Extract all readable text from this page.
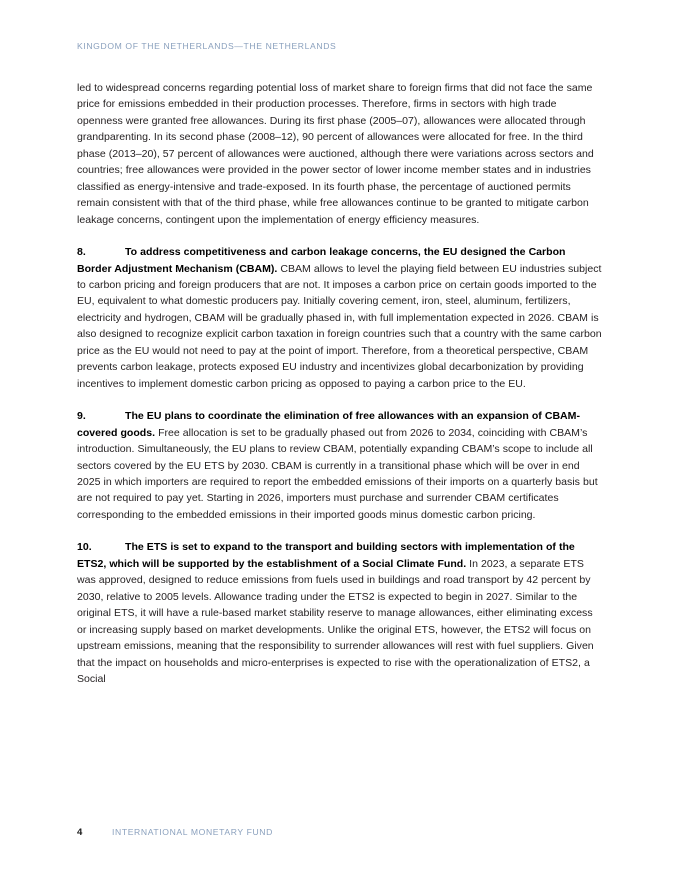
KINGDOM OF THE NETHERLANDS—THE NETHERLANDS

led to widespread concerns regarding potential loss of market share to foreign firms that did not face the same price for emissions embedded in their production processes. Therefore, firms in sectors with high trade openness were granted free allowances. During its first phase (2005–07), allowances were allocated through grandparenting. In its second phase (2008–12), 90 percent of allowances were allocated for free. In the third phase (2013–20), 57 percent of allowances were auctioned, although there were variations across sectors and countries; free allowances were provided in the power sector of lower income member states and in industries classified as energy-intensive and trade-exposed. In its fourth phase, the percentage of auctioned permits remain consistent with that of the third phase, while free allowances continue to be granted to mitigate carbon leakage concerns, contingent upon the implementation of energy efficiency measures.

8.	To address competitiveness and carbon leakage concerns, the EU designed the Carbon Border Adjustment Mechanism (CBAM). CBAM allows to level the playing field between EU industries subject to carbon pricing and foreign producers that are not. It imposes a carbon price on certain goods imported to the EU, equivalent to what domestic producers pay. Initially covering cement, iron, steel, aluminum, fertilizers, electricity and hydrogen, CBAM will be gradually phased in, with full implementation expected in 2026. CBAM is also designed to recognize explicit carbon taxation in foreign countries such that a country with the same carbon price as the EU would not need to pay at the point of import. Therefore, from a theoretical perspective, CBAM prevents carbon leakage, protects exposed EU industry and incentivizes global decarbonization by providing incentives to implement domestic carbon pricing as opposed to paying a carbon price to the EU.

9.	The EU plans to coordinate the elimination of free allowances with an expansion of CBAM-covered goods. Free allocation is set to be gradually phased out from 2026 to 2034, coinciding with CBAM’s introduction. Simultaneously, the EU plans to review CBAM, potentially expanding CBAM’s scope to include all sectors covered by the EU ETS by 2030. CBAM is currently in a transitional phase which will be over in end 2025 in which importers are required to report the embedded emissions of their imports on a quarterly basis but are not required to pay yet. Starting in 2026, importers must purchase and surrender CBAM certificates corresponding to the embedded emissions in their imported goods minus domestic carbon pricing.

10.	The ETS is set to expand to the transport and building sectors with implementation of the ETS2, which will be supported by the establishment of a Social Climate Fund. In 2023, a separate ETS was approved, designed to reduce emissions from fuels used in buildings and road transport by 42 percent by 2030, relative to 2005 levels. Allowance trading under the ETS2 is expected to begin in 2027. Similar to the original ETS, it will have a rule-based market stability reserve to manage allowances, either eliminating excess or increasing supply based on market developments. Unlike the original ETS, however, the ETS2 will focus on upstream emissions, meaning that the responsibility to surrender allowances will rest with fuel suppliers. Given that the impact on households and micro-enterprises is expected to rise with the operationalization of ETS2, a Social

4	INTERNATIONAL MONETARY FUND
